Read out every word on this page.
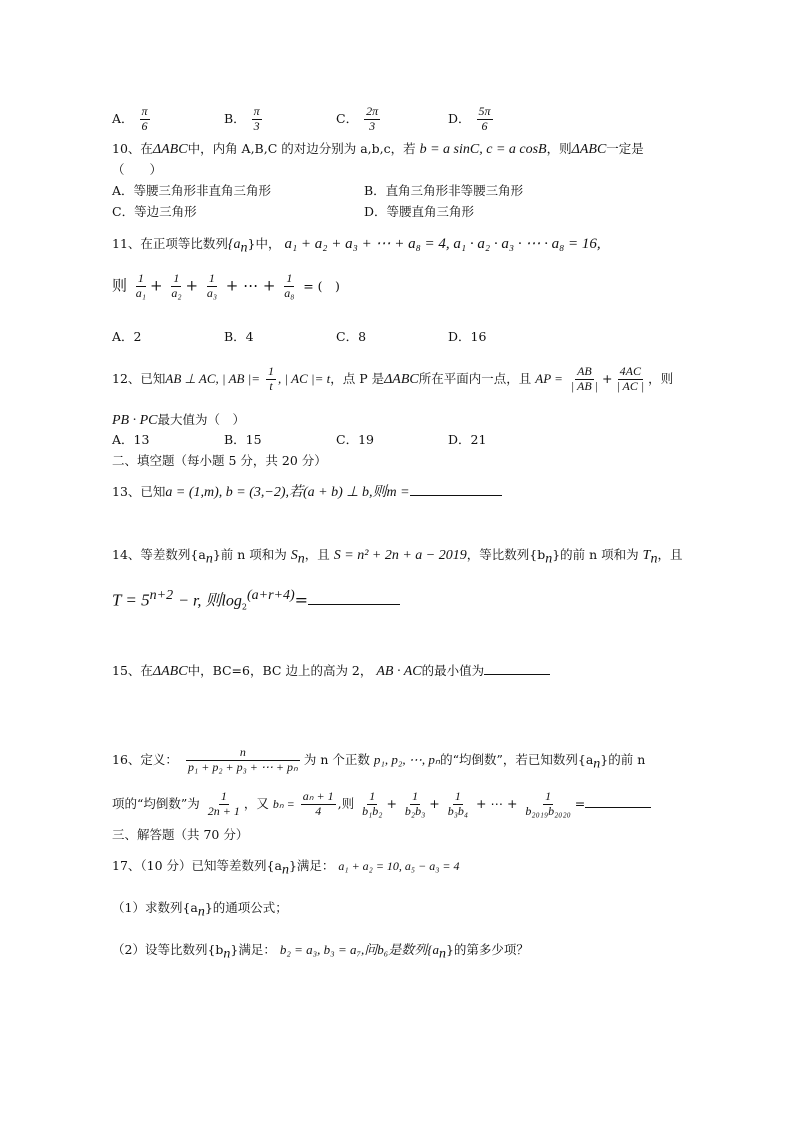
A． $\frac{\pi}{6}$	B． $\frac{\pi}{3}$	C． $\frac{2\pi}{3}$	D． $\frac{5\pi}{6}$
10、在ΔABC中，内角 A,B,C 的对边分别为 a,b,c，若 b = a sinC, c = a cosB，则ΔABC一定是
（　　）
A．等腰三角形非直角三角形	B．直角三角形非等腰三角形
C．等边三角形	D．等腰直角三角形
11、在正项等比数列$\{a_n\}$中， a₁ + a₂ + a₃ + ⋯ + a₈ = 4, a₁ · a₂ · a₃ · ⋯ · a₈ = 16,
则 $\frac{1}{\text{a₁}} + \frac{1}{\text{a₂}} + \frac{1}{\text{a₃}}$ + ⋯ + $\frac{1}{\text{a₈}}$ = (　)
A．2	B．4	C．8	D．16
12、已知AB ⊥ AC, | AB |= $\frac{1}{t}$ , | AC |= t，点 P 是ΔABC所在平面内一点，且 AP = $\frac{AB}{| AB |} + \frac{4AC}{| AC |}$ ，则
PB · PC最大值为（　）
A．13	B．15	C．19	D．21
二、填空题（每小题 5 分，共 20 分）
13、已知a = (1,m), b = (3,−2),若(a + b) ⊥ b,则m =
14、等差数列$\{a_n\}$前 n 项和为 $S_n$，且 S = n² + 2n + a − 2019，等比数列$\{b_n\}$的前 n 项和为 $T_n$，且
$T = 5^{n+2} - r$, 则$\log_2^{(a+r+4)}=$
15、在ΔABC中，BC=6，BC 边上的高为 2， AB · AC的最小值为
16、定义： $\frac{n}{\text{p₁ + p₂ + p₃ + ⋯ + pₙ}}$ 为 n 个正数 p₁, p₂, ⋯, pₙ的“均倒数”，若已知数列$\{a_n\}$的前 n
项的“均倒数”为 $\frac{1}{2n + 1}$ ，又 $b_n = \frac{\text{aₙ + 1}}{4}$ ,则 $\frac{1}{\text{b₁b₂}} + \frac{1}{\text{b₂b₃}} + \frac{1}{\text{b₃b₄}}$ + ⋯ + $\frac{1}{\text{b₂₀₁₉b₂₀₂₀}}$ =
三、解答题（共 70 分）
17、（10 分）已知等差数列$\{a_n\}$满足： a₁ + a₂ = 10, a₅ − a₃ = 4
（1）求数列$\{a_n\}$的通项公式；
（2）设等比数列$\{b_n\}$满足： b₂ = a₃, b₃ = a₇,问b₆是数列$\{a_n\}$的第多少项？
